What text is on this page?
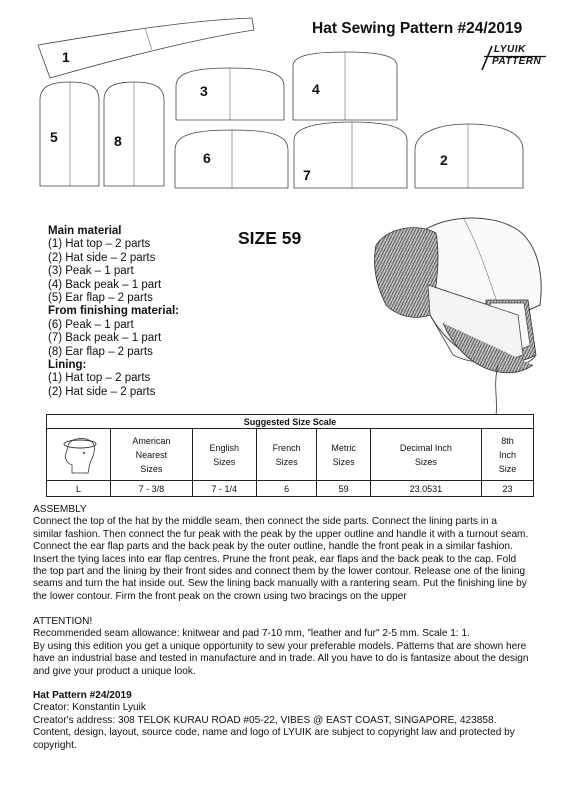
Hat Sewing Pattern #24/2019
LYUIK
PATTERN
1
5	8
3	4
6
7
2
Main material
(1) Hat top – 2 parts
(2) Hat side – 2 parts
(3) Peak – 1 part
(4) Back peak – 1 part
(5) Ear flap – 2 parts
From finishing material:
(6) Peak – 1 part
(7) Back peak – 1 part
(8) Ear flap – 2 parts
Lining:
(1) Hat top – 2 parts
(2) Hat side – 2 parts
SIZE 59
Suggested Size Scale						
	American
Nearest
Sizes	English
Sizes	French
Sizes	Metric
Sizes	Decimal Inch
Sizes	8th
Inch
Size
L	7 - 3/8	7 - 1/4	6	59	23.0531	23
ASSEMBLY
Connect the top of the hat by the middle seam, then connect the side parts. Connect the lining parts in a
similar fashion. Then connect the fur peak with the peak by the upper outline and handle it with a turnout seam.
Connect the ear flap parts and the back peak by the outer outline, handle the front peak in a similar fashion.
Insert the tying laces into ear flap centres. Prune the front peak, ear flaps and the back peak to the cap. Fold
the top part and the lining by their front sides and connect them by the lower contour. Release one of the lining
seams and turn the hat inside out. Sew the lining back manually with a rantering seam. Put the finishing line by
the lower contour. Firm the front peak on the crown using two bracings on the upper
ATTENTION!
Recommended seam allowance: knitwear and pad 7-10 mm, "leather and fur" 2-5 mm. Scale 1: 1.
By using this edition you get a unique opportunity to sew your preferable models. Patterns that are shown here
have an industrial base and tested in manufacture and in trade. All you have to do is fantasize about the design
and give your product a unique look.
Hat Pattern #24/2019
Creator: Konstantin Lyuik
Creator's address: 308 TELOK KURAU ROAD #05-22, VIBES @ EAST COAST, SINGAPORE, 423858.
Content, design, layout, source code, name and logo of LYUIK are subject to copyright law and protected by
copyright.
